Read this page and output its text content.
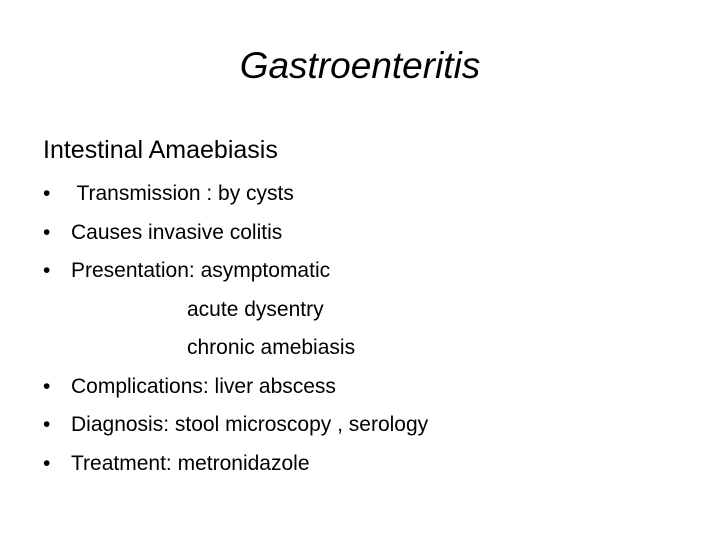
Gastroenteritis
Intestinal Amaebiasis
• Transmission : by cysts
• Causes invasive colitis
• Presentation: asymptomatic
acute dysentry
chronic amebiasis
• Complications: liver abscess
• Diagnosis: stool microscopy , serology
• Treatment: metronidazole
